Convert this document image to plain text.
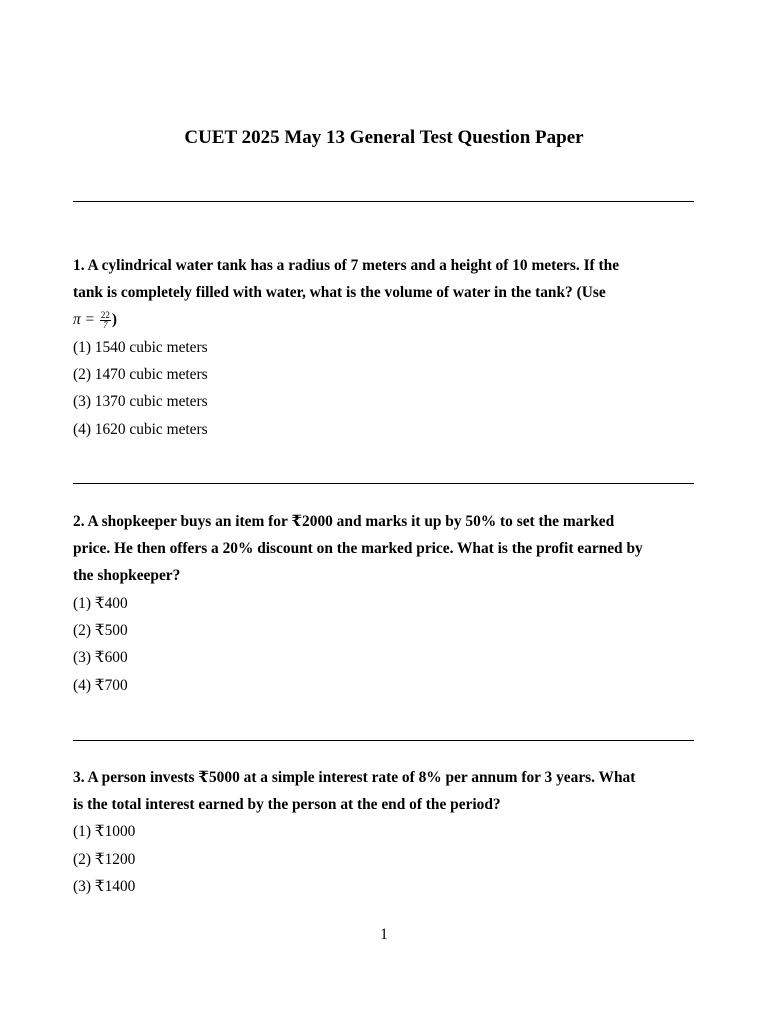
CUET 2025 May 13 General Test Question Paper
1. A cylindrical water tank has a radius of 7 meters and a height of 10 meters. If the
tank is completely filled with water, what is the volume of water in the tank? (Use
$\pi = \frac{22}{7}$ )
(1) 1540 cubic meters
(2) 1470 cubic meters
(3) 1370 cubic meters
(4) 1620 cubic meters
2. A shopkeeper buys an item for ₹2000 and marks it up by 50% to set the marked
price. He then offers a 20% discount on the marked price. What is the profit earned by
the shopkeeper?
(1) ₹400
(2) ₹500
(3) ₹600
(4) ₹700
3. A person invests ₹5000 at a simple interest rate of 8% per annum for 3 years. What
is the total interest earned by the person at the end of the period?
(1) ₹1000
(2) ₹1200
(3) ₹1400
1
